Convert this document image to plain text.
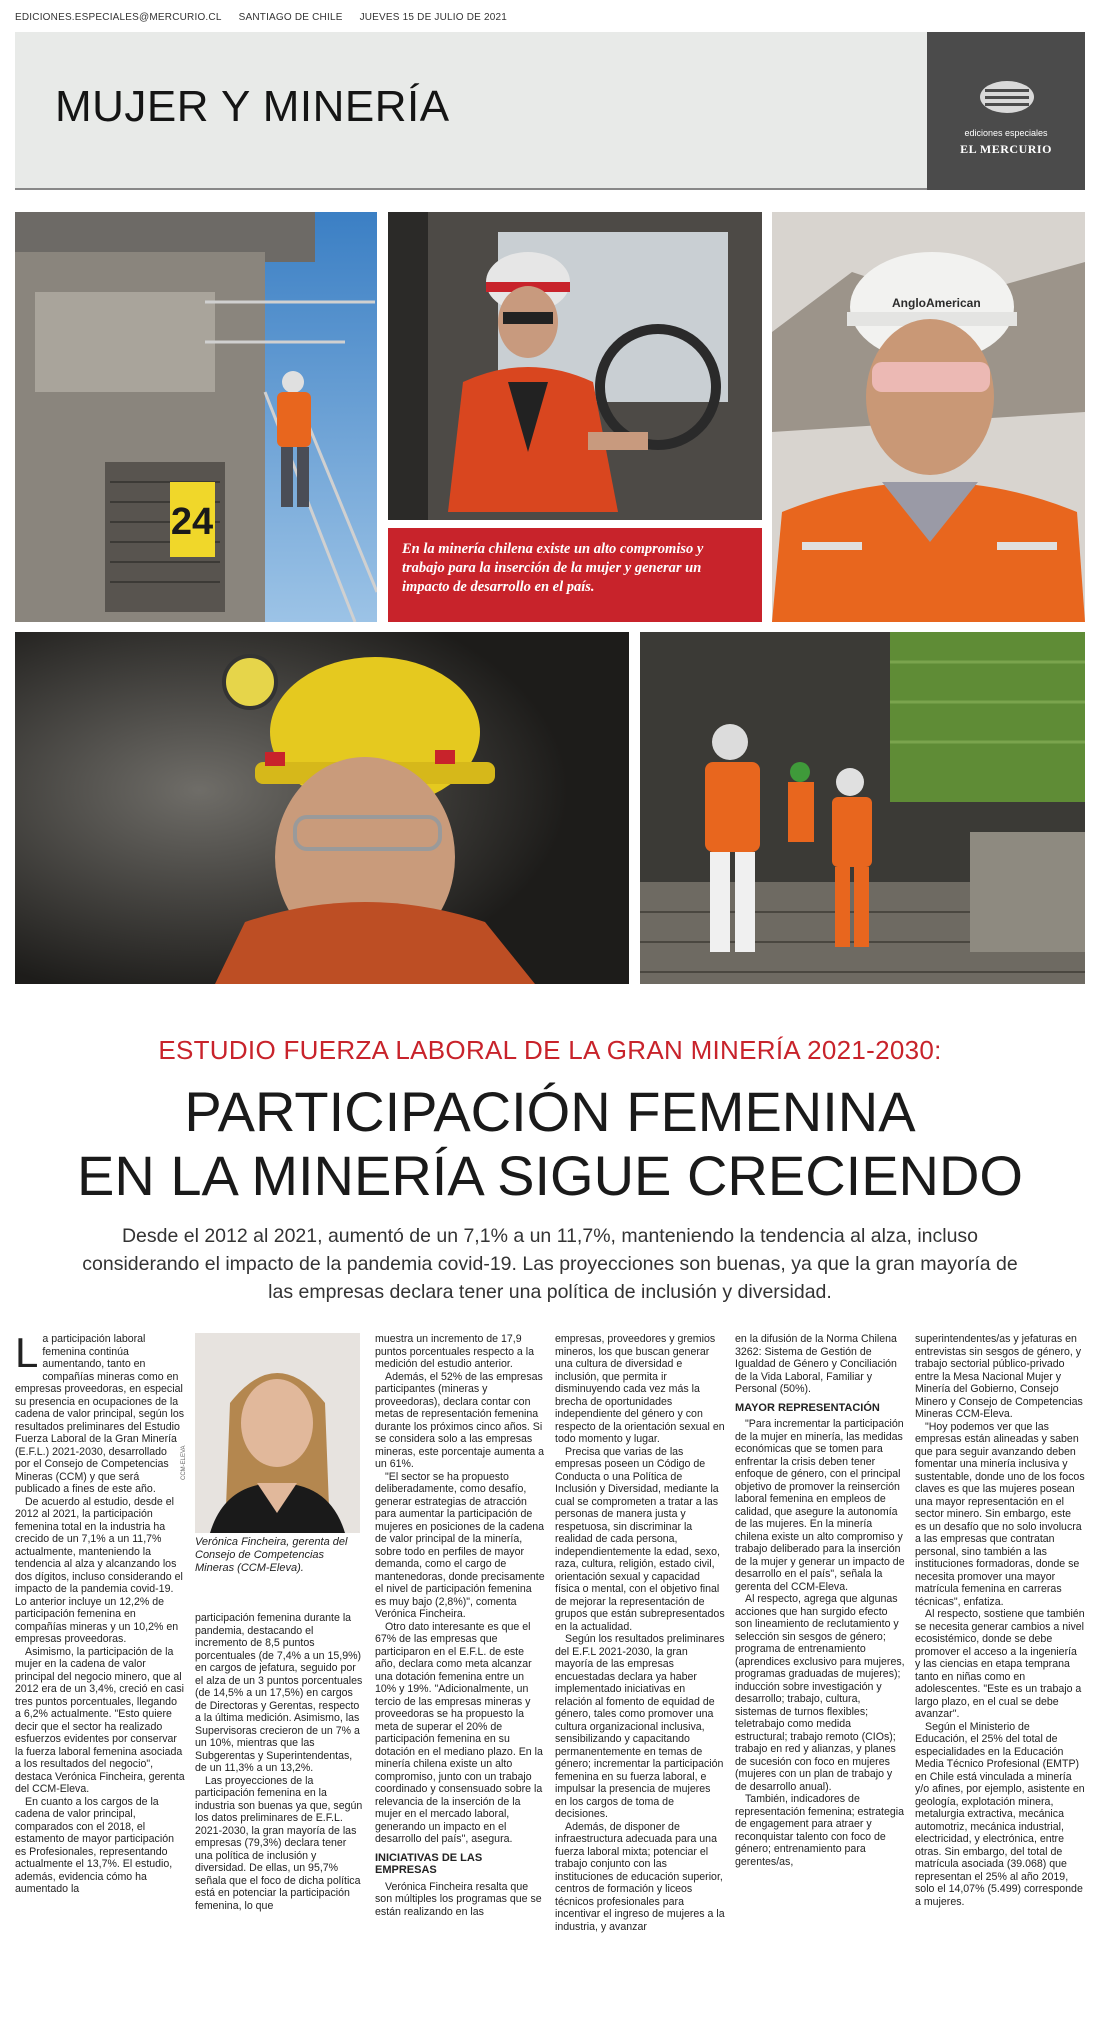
EDICIONES.ESPECIALES@MERCURIO.CL SANTIAGO DE CHILE JUEVES 15 DE JULIO DE 2021
MUJER Y MINERÍA
ediciones especiales
EL MERCURIO
24
En la minería chilena existe un alto compromiso y trabajo para la inserción de la mujer y generar un impacto de desarrollo en el país.
AngloAmerican
ESTUDIO FUERZA LABORAL DE LA GRAN MINERÍA 2021-2030:
PARTICIPACIÓN FEMENINA
EN LA MINERÍA SIGUE CRECIENDO
Desde el 2012 al 2021, aumentó de un 7,1% a un 11,7%, manteniendo la tendencia al alza, incluso considerando el impacto de la pandemia covid-19. Las proyecciones son buenas, ya que la gran mayoría de las empresas declara tener una política de inclusión y diversidad.

La participación laboral femenina continúa aumentando, tanto en compañías mineras como en empresas proveedoras, en especial su presencia en ocupaciones de la cadena de valor principal, según los resultados preliminares del Estudio Fuerza Laboral de la Gran Minería (E.F.L.) 2021-2030, desarrollado por el Consejo de Competencias Mineras (CCM) y que será publicado a fines de este año.

De acuerdo al estudio, desde el 2012 al 2021, la participación femenina total en la industria ha crecido de un 7,1% a un 11,7% actualmente, manteniendo la tendencia al alza y alcanzando los dos dígitos, incluso considerando el impacto de la pandemia covid-19. Lo anterior incluye un 12,2% de participación femenina en compañías mineras y un 10,2% en empresas proveedoras.

Asimismo, la participación de la mujer en la cadena de valor principal del negocio minero, que al 2012 era de un 3,4%, creció en casi tres puntos porcentuales, llegando a 6,2% actualmente. "Esto quiere decir que el sector ha realizado esfuerzos evidentes por conservar la fuerza laboral femenina asociada a los resultados del negocio", destaca Verónica Fincheira, gerenta del CCM-Eleva.

En cuanto a los cargos de la cadena de valor principal, comparados con el 2018, el estamento de mayor participación es Profesionales, representando actualmente el 13,7%. El estudio, además, evidencia cómo ha aumentado la

CCM-ELEVA
Verónica Fincheira, gerenta del Consejo de Competencias Mineras (CCM-Eleva).

participación femenina durante la pandemia, destacando el incremento de 8,5 puntos porcentuales (de 7,4% a un 15,9%) en cargos de jefatura, seguido por el alza de un 3 puntos porcentuales (de 14,5% a un 17,5%) en cargos de Directoras y Gerentas, respecto a la última medición. Asimismo, las Supervisoras crecieron de un 7% a un 10%, mientras que las Subgerentas y Superintendentas, de un 11,3% a un 13,2%.

Las proyecciones de la participación femenina en la industria son buenas ya que, según los datos preliminares de E.F.L. 2021-2030, la gran mayoría de las empresas (79,3%) declara tener una política de inclusión y diversidad. De ellas, un 95,7% señala que el foco de dicha política está en potenciar la participación femenina, lo que

muestra un incremento de 17,9 puntos porcentuales respecto a la medición del estudio anterior.

Además, el 52% de las empresas participantes (mineras y proveedoras), declara contar con metas de representación femenina durante los próximos cinco años. Si se considera solo a las empresas mineras, este porcentaje aumenta a un 61%.

"El sector se ha propuesto deliberadamente, como desafío, generar estrategias de atracción para aumentar la participación de mujeres en posiciones de la cadena de valor principal de la minería, sobre todo en perfiles de mayor demanda, como el cargo de mantenedoras, donde precisamente el nivel de participación femenina es muy bajo (2,8%)", comenta Verónica Fincheira.

Otro dato interesante es que el 67% de las empresas que participaron en el E.F.L. de este año, declara como meta alcanzar una dotación femenina entre un 10% y 19%. "Adicionalmente, un tercio de las empresas mineras y proveedoras se ha propuesto la meta de superar el 20% de participación femenina en su dotación en el mediano plazo. En la minería chilena existe un alto compromiso, junto con un trabajo coordinado y consensuado sobre la relevancia de la inserción de la mujer en el mercado laboral, generando un impacto en el desarrollo del país", asegura.

INICIATIVAS DE LAS EMPRESAS

Verónica Fincheira resalta que son múltiples los programas que se están realizando en las

empresas, proveedores y gremios mineros, los que buscan generar una cultura de diversidad e inclusión, que permita ir disminuyendo cada vez más la brecha de oportunidades independiente del género y con respecto de la orientación sexual en todo momento y lugar.

Precisa que varias de las empresas poseen un Código de Conducta o una Política de Inclusión y Diversidad, mediante la cual se comprometen a tratar a las personas de manera justa y respetuosa, sin discriminar la realidad de cada persona, independientemente la edad, sexo, raza, cultura, religión, estado civil, orientación sexual y capacidad física o mental, con el objetivo final de mejorar la representación de grupos que están subrepresentados en la actualidad.

Según los resultados preliminares del E.F.L 2021-2030, la gran mayoría de las empresas encuestadas declara ya haber implementado iniciativas en relación al fomento de equidad de género, tales como promover una cultura organizacional inclusiva, sensibilizando y capacitando permanentemente en temas de género; incrementar la participación femenina en su fuerza laboral, e impulsar la presencia de mujeres en los cargos de toma de decisiones.

Además, de disponer de infraestructura adecuada para una fuerza laboral mixta; potenciar el trabajo conjunto con las instituciones de educación superior, centros de formación y liceos técnicos profesionales para incentivar el ingreso de mujeres a la industria, y avanzar

en la difusión de la Norma Chilena 3262: Sistema de Gestión de Igualdad de Género y Conciliación de la Vida Laboral, Familiar y Personal (50%).

MAYOR REPRESENTACIÓN

"Para incrementar la participación de la mujer en minería, las medidas económicas que se tomen para enfrentar la crisis deben tener enfoque de género, con el principal objetivo de promover la reinserción laboral femenina en empleos de calidad, que asegure la autonomía de las mujeres. En la minería chilena existe un alto compromiso y trabajo deliberado para la inserción de la mujer y generar un impacto de desarrollo en el país", señala la gerenta del CCM-Eleva.

Al respecto, agrega que algunas acciones que han surgido efecto son lineamiento de reclutamiento y selección sin sesgos de género; programa de entrenamiento (aprendices exclusivo para mujeres, programas graduadas de mujeres); inducción sobre investigación y desarrollo; trabajo, cultura, sistemas de turnos flexibles; teletrabajo como medida estructural; trabajo remoto (CIOs); trabajo en red y alianzas, y planes de sucesión con foco en mujeres (mujeres con un plan de trabajo y de desarrollo anual).

También, indicadores de representación femenina; estrategia de engagement para atraer y reconquistar talento con foco de género; entrenamiento para gerentes/as,

superintendentes/as y jefaturas en entrevistas sin sesgos de género, y trabajo sectorial público-privado entre la Mesa Nacional Mujer y Minería del Gobierno, Consejo Minero y Consejo de Competencias Mineras CCM-Eleva.

"Hoy podemos ver que las empresas están alineadas y saben que para seguir avanzando deben fomentar una minería inclusiva y sustentable, donde uno de los focos claves es que las mujeres posean una mayor representación en el sector minero. Sin embargo, este es un desafío que no solo involucra a las empresas que contratan personal, sino también a las instituciones formadoras, donde se necesita promover una mayor matrícula femenina en carreras técnicas", enfatiza.

Al respecto, sostiene que también se necesita generar cambios a nivel ecosistémico, donde se debe promover el acceso a la ingeniería y las ciencias en etapa temprana tanto en niñas como en adolescentes. "Este es un trabajo a largo plazo, en el cual se debe avanzar".

Según el Ministerio de Educación, el 25% del total de especialidades en la Educación Media Técnico Profesional (EMTP) en Chile está vinculada a minería y/o afines, por ejemplo, asistente en geología, explotación minera, metalurgia extractiva, mecánica automotriz, mecánica industrial, electricidad, y electrónica, entre otras. Sin embargo, del total de matrícula asociada (39.068) que representan el 25% al año 2019, solo el 14,07% (5.499) corresponde a mujeres.
